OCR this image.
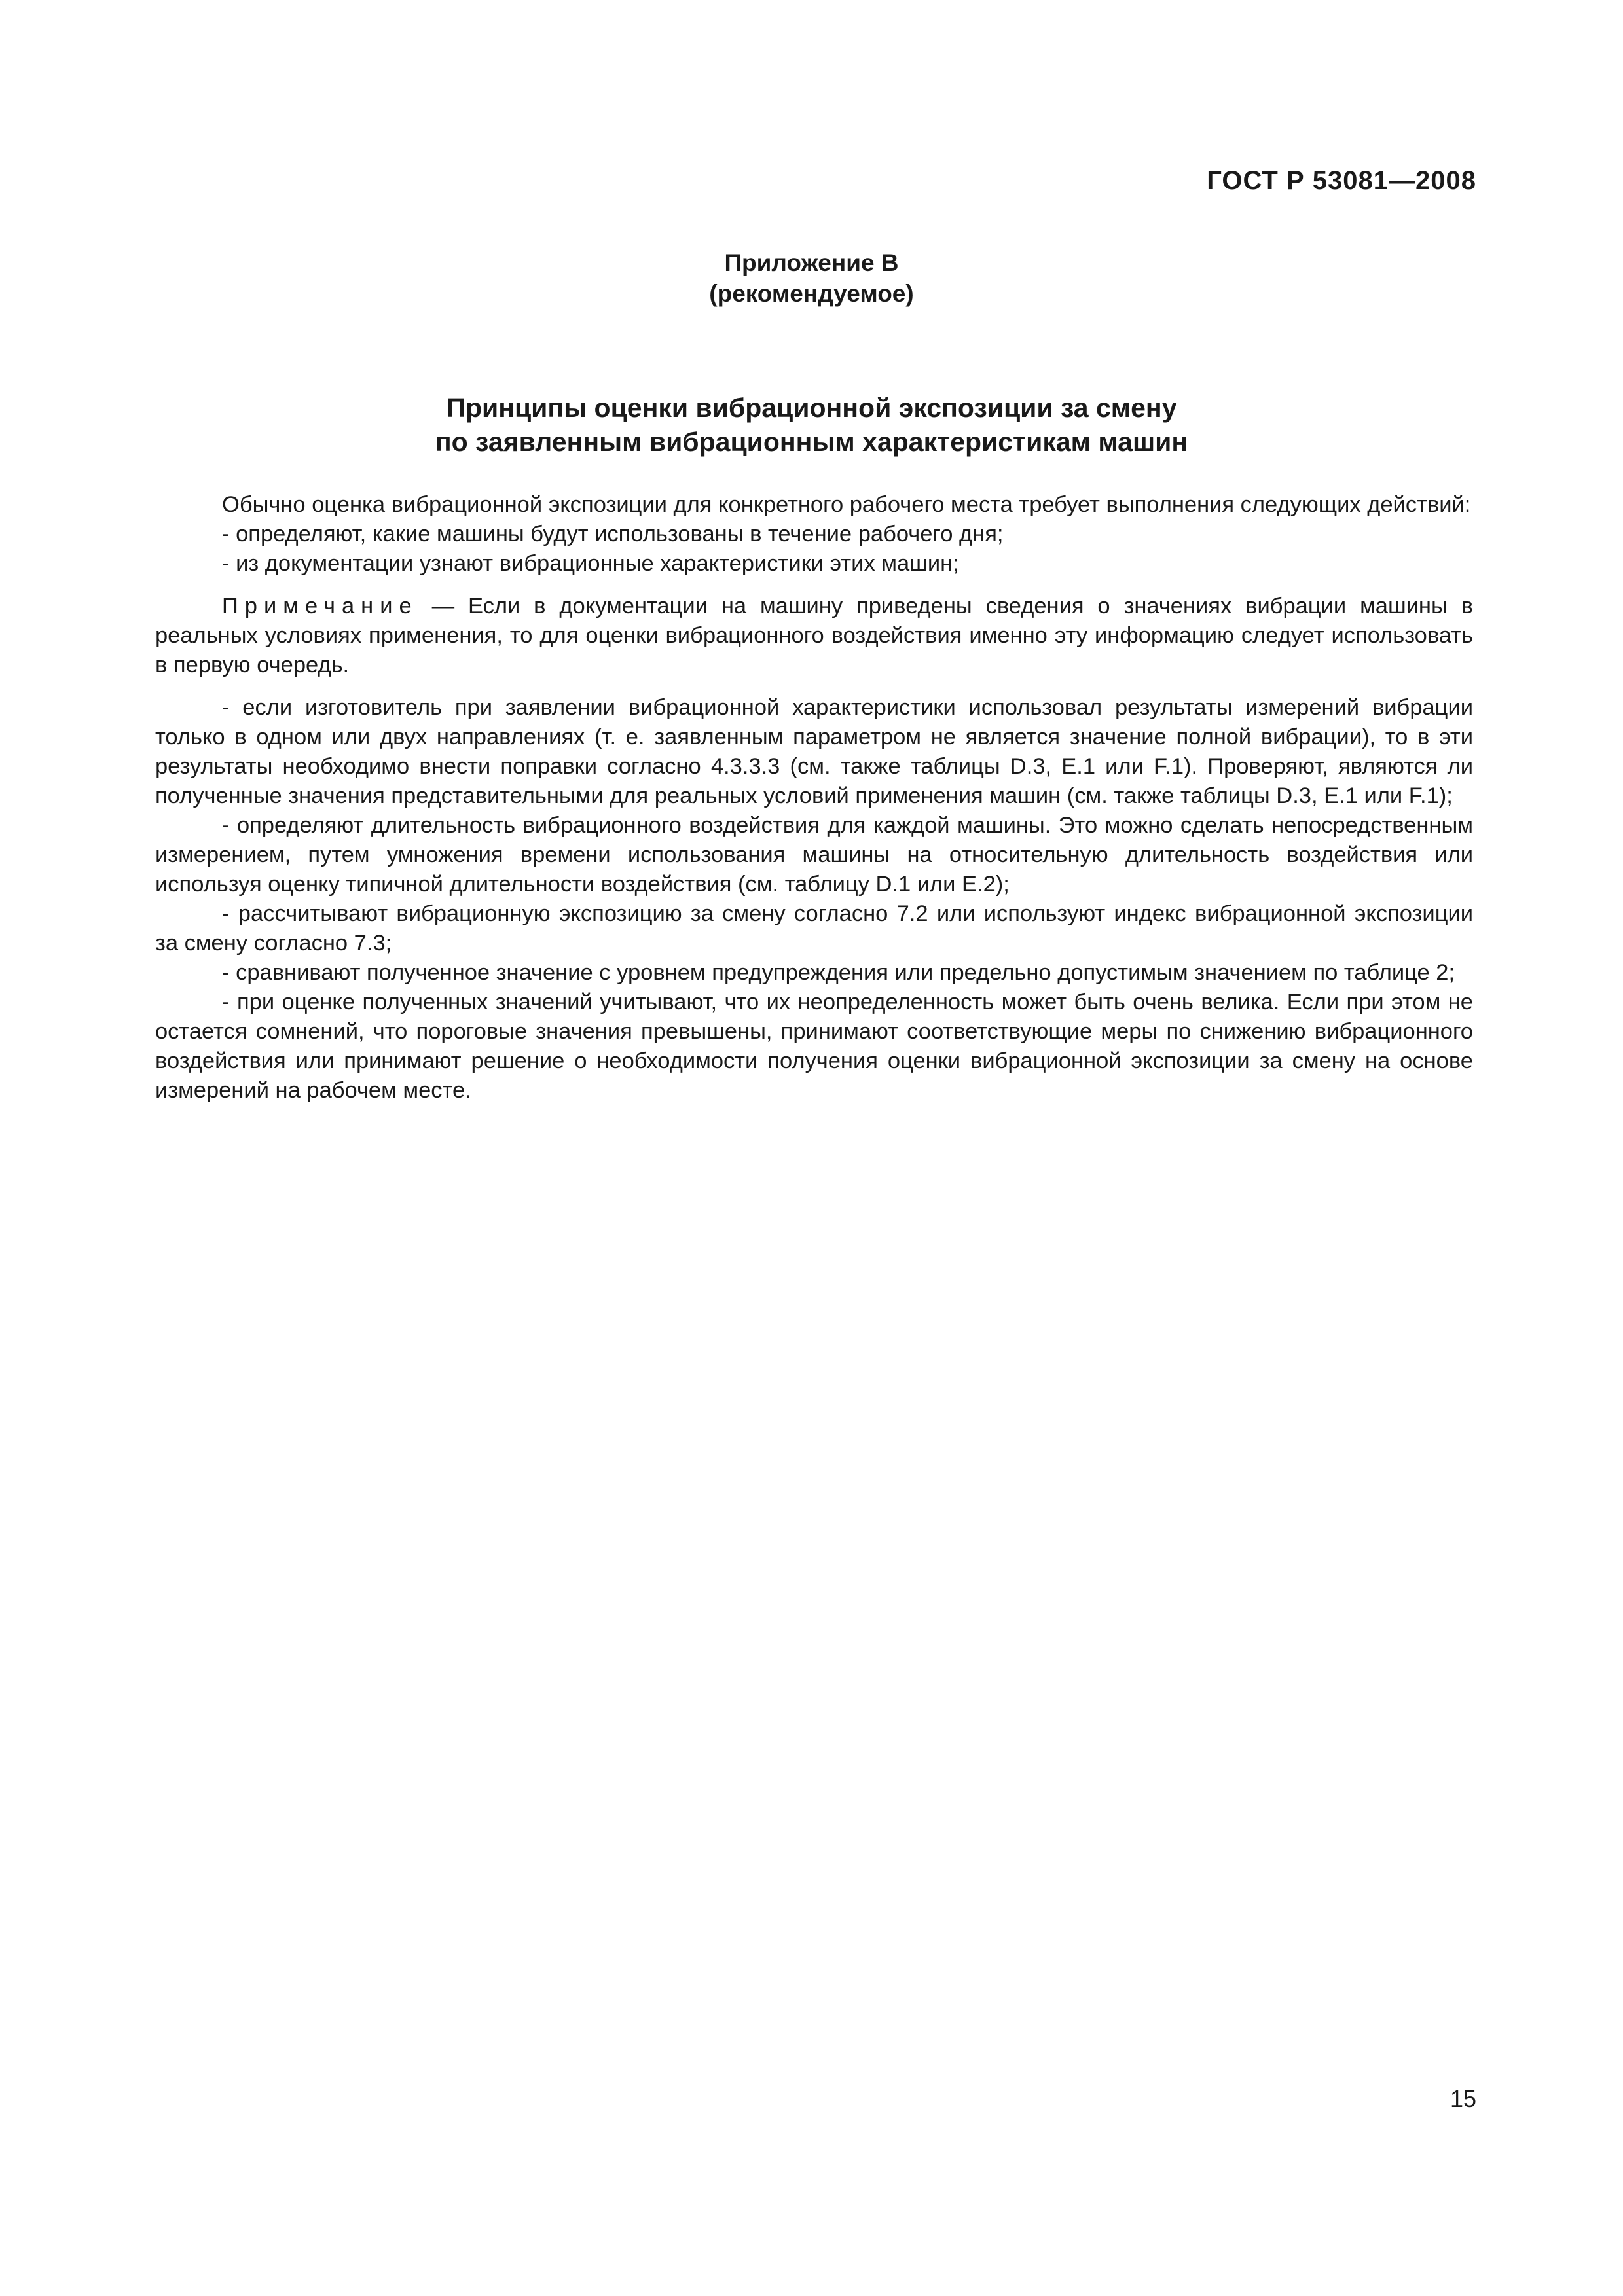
ГОСТ Р 53081—2008
Приложение В
(рекомендуемое)
Принципы оценки вибрационной экспозиции за смену
по заявленным вибрационным характеристикам машин

Обычно оценка вибрационной экспозиции для конкретного рабочего места требует выполнения следующих действий:

- определяют, какие машины будут использованы в течение рабочего дня;

- из документации узнают вибрационные характеристики этих машин;

Примечание — Если в документации на машину приведены сведения о значениях вибрации машины в реальных условиях применения, то для оценки вибрационного воздействия именно эту информацию следует использовать в первую очередь.

- если изготовитель при заявлении вибрационной характеристики использовал результаты измерений вибрации только в одном или двух направлениях (т. е. заявленным параметром не является значение полной вибрации), то в эти результаты необходимо внести поправки согласно 4.3.3.3 (см. также таблицы D.3, E.1 или F.1). Проверяют, являются ли полученные значения представительными для реальных условий применения машин (см. также таблицы D.3, E.1 или F.1);

- определяют длительность вибрационного воздействия для каждой машины. Это можно сделать непосредственным измерением, путем умножения времени использования машины на относительную длительность воздействия или используя оценку типичной длительности воздействия (см. таблицу D.1 или E.2);

- рассчитывают вибрационную экспозицию за смену согласно 7.2 или используют индекс вибрационной экспозиции за смену согласно 7.3;

- сравнивают полученное значение с уровнем предупреждения или предельно допустимым значением по таблице 2;

- при оценке полученных значений учитывают, что их неопределенность может быть очень велика. Если при этом не остается сомнений, что пороговые значения превышены, принимают соответствующие меры по снижению вибрационного воздействия или принимают решение о необходимости получения оценки вибрационной экспозиции за смену на основе измерений на рабочем месте.

15
